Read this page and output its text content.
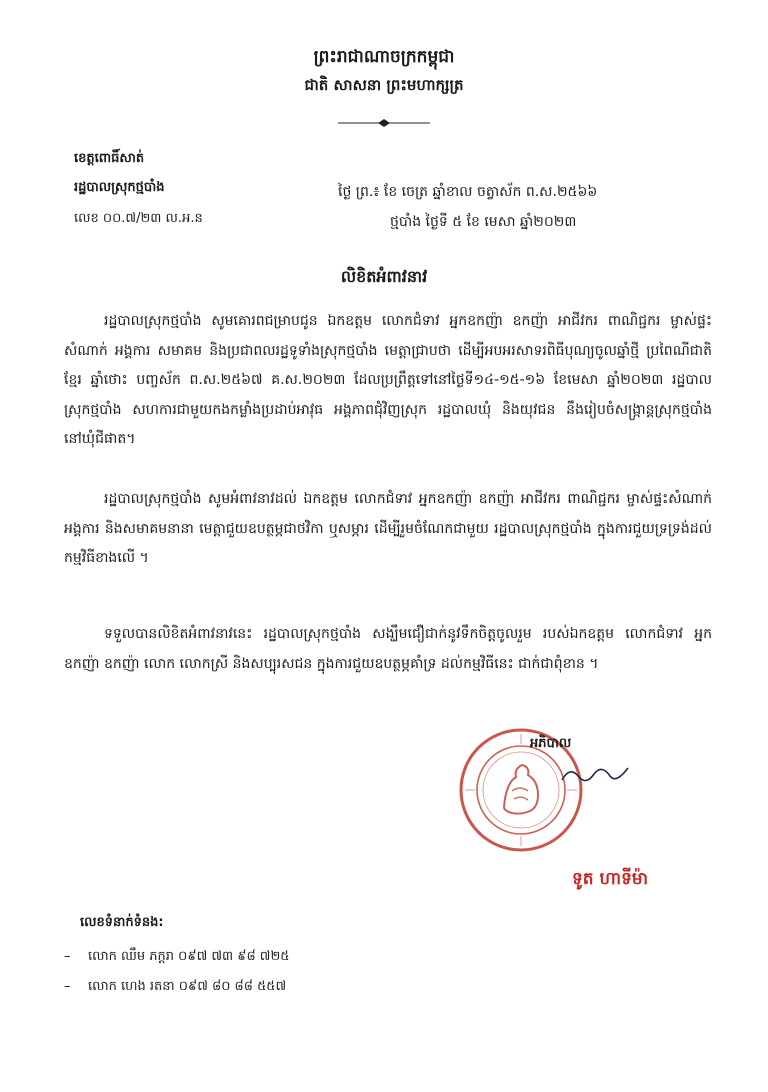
ព្រះរាជាណាចក្រកម្ពុជា
ជាតិ សាសនា ព្រះមហាក្សត្រ
ខេត្តពោធិ៍សាត់
រដ្ឋបាលស្រុកថ្មបាំង
លេខ ០០.៧/២៣ ល.អ.ន
ថ្ងៃ ព្រ.៖ ខែ ចេត្រ ឆ្នាំខាល ចត្វាស័ក ព.ស.២៥៦៦
ថ្មបាំង ថ្ងៃទី ៥ ខែ មេសា ឆ្នាំ២០២៣
លិខិតអំពាវនាវ
រដ្ឋបាលស្រុកថ្មបាំង សូមគោរពជម្រាបជូន ឯកឧត្តម លោកជំទាវ អ្នកឧកញ៉ា ឧកញ៉ា អាជីវករ ពាណិជ្ជករ ម្ចាស់ផ្ទះសំណាក់ អង្គការ សមាគម និងប្រជាពលរដ្ឋទូទាំងស្រុកថ្មបាំង មេត្តាជ្រាបថា ដើម្បីអបអរសាទរពិធីបុណ្យចូលឆ្នាំថ្មី ប្រពៃណីជាតិខ្មែរ ឆ្នាំថោះ បញ្ចស័ក ព.ស.២៥៦៧ គ.ស.២០២៣ ដែលប្រព្រឹត្តទៅនៅថ្ងៃទី១៤-១៥-១៦ ខែមេសា ឆ្នាំ២០២៣ រដ្ឋបាលស្រុកថ្មបាំង សហការជាមួយកងកម្លាំងប្រដាប់អាវុធ អង្គភាពជុំវិញស្រុក រដ្ឋបាលឃុំ និងយុវជន នឹងរៀបចំសង្ក្រាន្តស្រុកថ្មបាំង នៅឃុំជីផាត។
រដ្ឋបាលស្រុកថ្មបាំង សូមអំពាវនាវដល់ ឯកឧត្តម លោកជំទាវ អ្នកឧកញ៉ា ឧកញ៉ា អាជីវករ ពាណិជ្ជករ ម្ចាស់ផ្ទះសំណាក់ អង្គការ និងសមាគមនានា មេត្តាជួយឧបត្ថម្ភជាថវិកា ឬសម្ភារ ដើម្បីរួមចំណែកជាមួយ រដ្ឋបាលស្រុកថ្មបាំង ក្នុងការជួយទ្រទ្រង់ដល់កម្មវិធីខាងលើ ។
ទទួលបានលិខិតអំពាវនាវនេះ រដ្ឋបាលស្រុកថ្មបាំង សង្ឃឹមជឿជាក់នូវទឹកចិត្តចូលរួម របស់ឯកឧត្តម លោកជំទាវ អ្នកឧកញ៉ា ឧកញ៉ា លោក លោកស្រី និងសប្បុរសជន ក្នុងការជួយឧបត្ថម្ភគាំទ្រ ដល់កម្មវិធីនេះ ជាក់ជាពុំខាន ។
អភិបាល
ទូត ហាទីម៉ា
លេខទំនាក់ទំនង:
– លោក ឈឹម ភក្តរា ០៩៧ ៧៣ ៩៨ ៧២៥
– លោក ហេង រតនា ០៩៧ ៨០ ៨៨ ៥៥៧
